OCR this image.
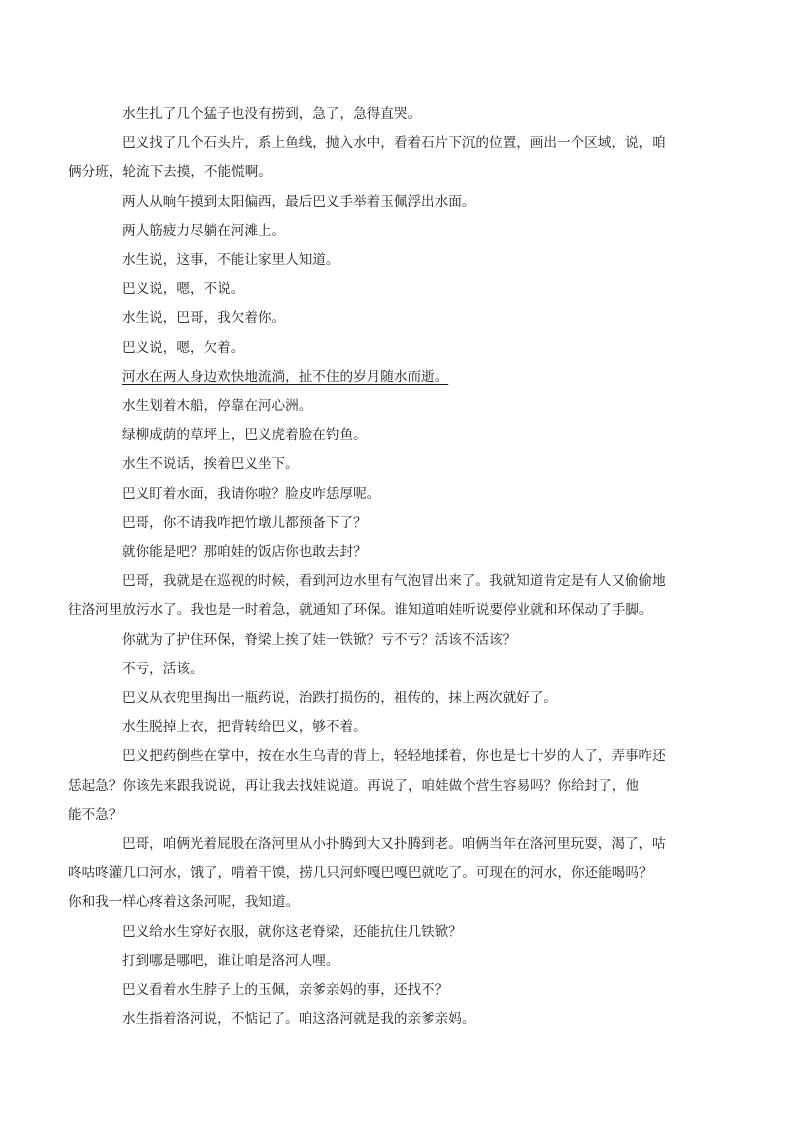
水生扎了几个猛子也没有捞到，急了，急得直哭。
巴义找了几个石头片，系上鱼线，抛入水中，看着石片下沉的位置，画出一个区域，说，咱
俩分班，轮流下去摸，不能慌啊。
两人从晌午摸到太阳偏西，最后巴义手举着玉佩浮出水面。
两人筋疲力尽躺在河滩上。
水生说，这事，不能让家里人知道。
巴义说，嗯，不说。
水生说，巴哥，我欠着你。
巴义说，嗯，欠着。
河水在两人身边欢快地流淌，扯不住的岁月随水而逝。
水生划着木船，停靠在河心洲。
绿柳成荫的草坪上，巴义虎着脸在钓鱼。
水生不说话，挨着巴义坐下。
巴义盯着水面，我请你啦？脸皮咋恁厚呢。
巴哥，你不请我咋把竹墩儿都预备下了？
就你能是吧？那咱娃的饭店你也敢去封？
巴哥，我就是在巡视的时候，看到河边水里有气泡冒出来了。我就知道肯定是有人又偷偷地
往洛河里放污水了。我也是一时着急，就通知了环保。谁知道咱娃听说要停业就和环保动了手脚。
你就为了护住环保，脊梁上挨了娃一铁锨？亏不亏？活该不活该？
不亏，活该。
巴义从衣兜里掏出一瓶药说，治跌打损伤的，祖传的，抹上两次就好了。
水生脱掉上衣，把背转给巴义，够不着。
巴义把药倒些在掌中，按在水生乌青的背上，轻轻地揉着，你也是七十岁的人了，弄事咋还
恁起急？你该先来跟我说说，再让我去找娃说道。再说了，咱娃做个营生容易吗？你给封了，他
能不急？
巴哥，咱俩光着屁股在洛河里从小扑腾到大又扑腾到老。咱俩当年在洛河里玩耍，渴了，咕
咚咕咚灌几口河水，饿了，啃着干馍，捞几只河虾嘎巴嘎巴就吃了。可现在的河水，你还能喝吗？
你和我一样心疼着这条河呢，我知道。
巴义给水生穿好衣服，就你这老脊梁，还能抗住几铁锨？
打到哪是哪吧，谁让咱是洛河人哩。
巴义看着水生脖子上的玉佩，亲爹亲妈的事，还找不？
水生指着洛河说，不惦记了。咱这洛河就是我的亲爹亲妈。
